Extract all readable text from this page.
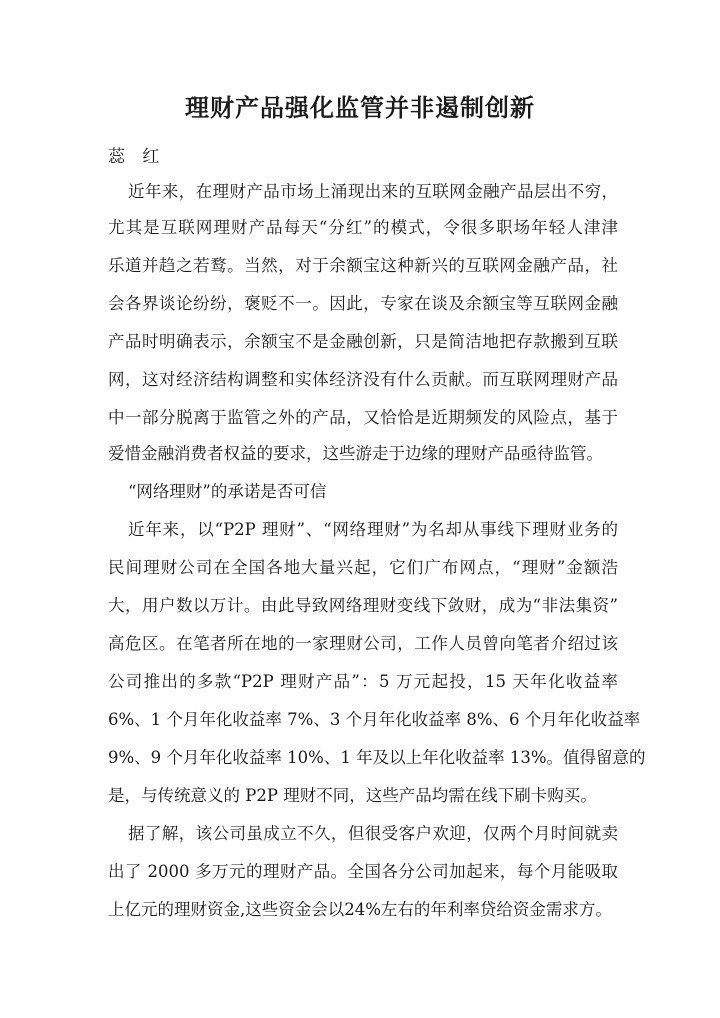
理财产品强化监管并非遏制创新
蕊 红
近年来，在理财产品市场上涌现出来的互联网金融产品层出不穷，
尤其是互联网理财产品每天“分红”的模式，令很多职场年轻人津津
乐道并趋之若鹜。当然，对于余额宝这种新兴的互联网金融产品，社
会各界谈论纷纷，褒贬不一。因此，专家在谈及余额宝等互联网金融
产品时明确表示，余额宝不是金融创新，只是简洁地把存款搬到互联
网，这对经济结构调整和实体经济没有什么贡献。而互联网理财产品
中一部分脱离于监管之外的产品，又恰恰是近期频发的风险点，基于
爱惜金融消费者权益的要求，这些游走于边缘的理财产品亟待监管。
“网络理财”的承诺是否可信
近年来，以“P2P 理财”、“网络理财”为名却从事线下理财业务的
民间理财公司在全国各地大量兴起，它们广布网点，“理财”金额浩
大，用户数以万计。由此导致网络理财变线下敛财，成为“非法集资”
高危区。在笔者所在地的一家理财公司，工作人员曾向笔者介绍过该
公司推出的多款“P2P 理财产品”：5 万元起投，15 天年化收益率
6%、1 个月年化收益率 7%、3 个月年化收益率 8%、6 个月年化收益率
9%、9 个月年化收益率 10%、1 年及以上年化收益率 13%。值得留意的
是，与传统意义的 P2P 理财不同，这些产品均需在线下刷卡购买。
据了解，该公司虽成立不久，但很受客户欢迎，仅两个月时间就卖
出了 2000 多万元的理财产品。全国各分公司加起来，每个月能吸取
上亿元的理财资金,这些资金会以24%左右的年利率贷给资金需求方。
